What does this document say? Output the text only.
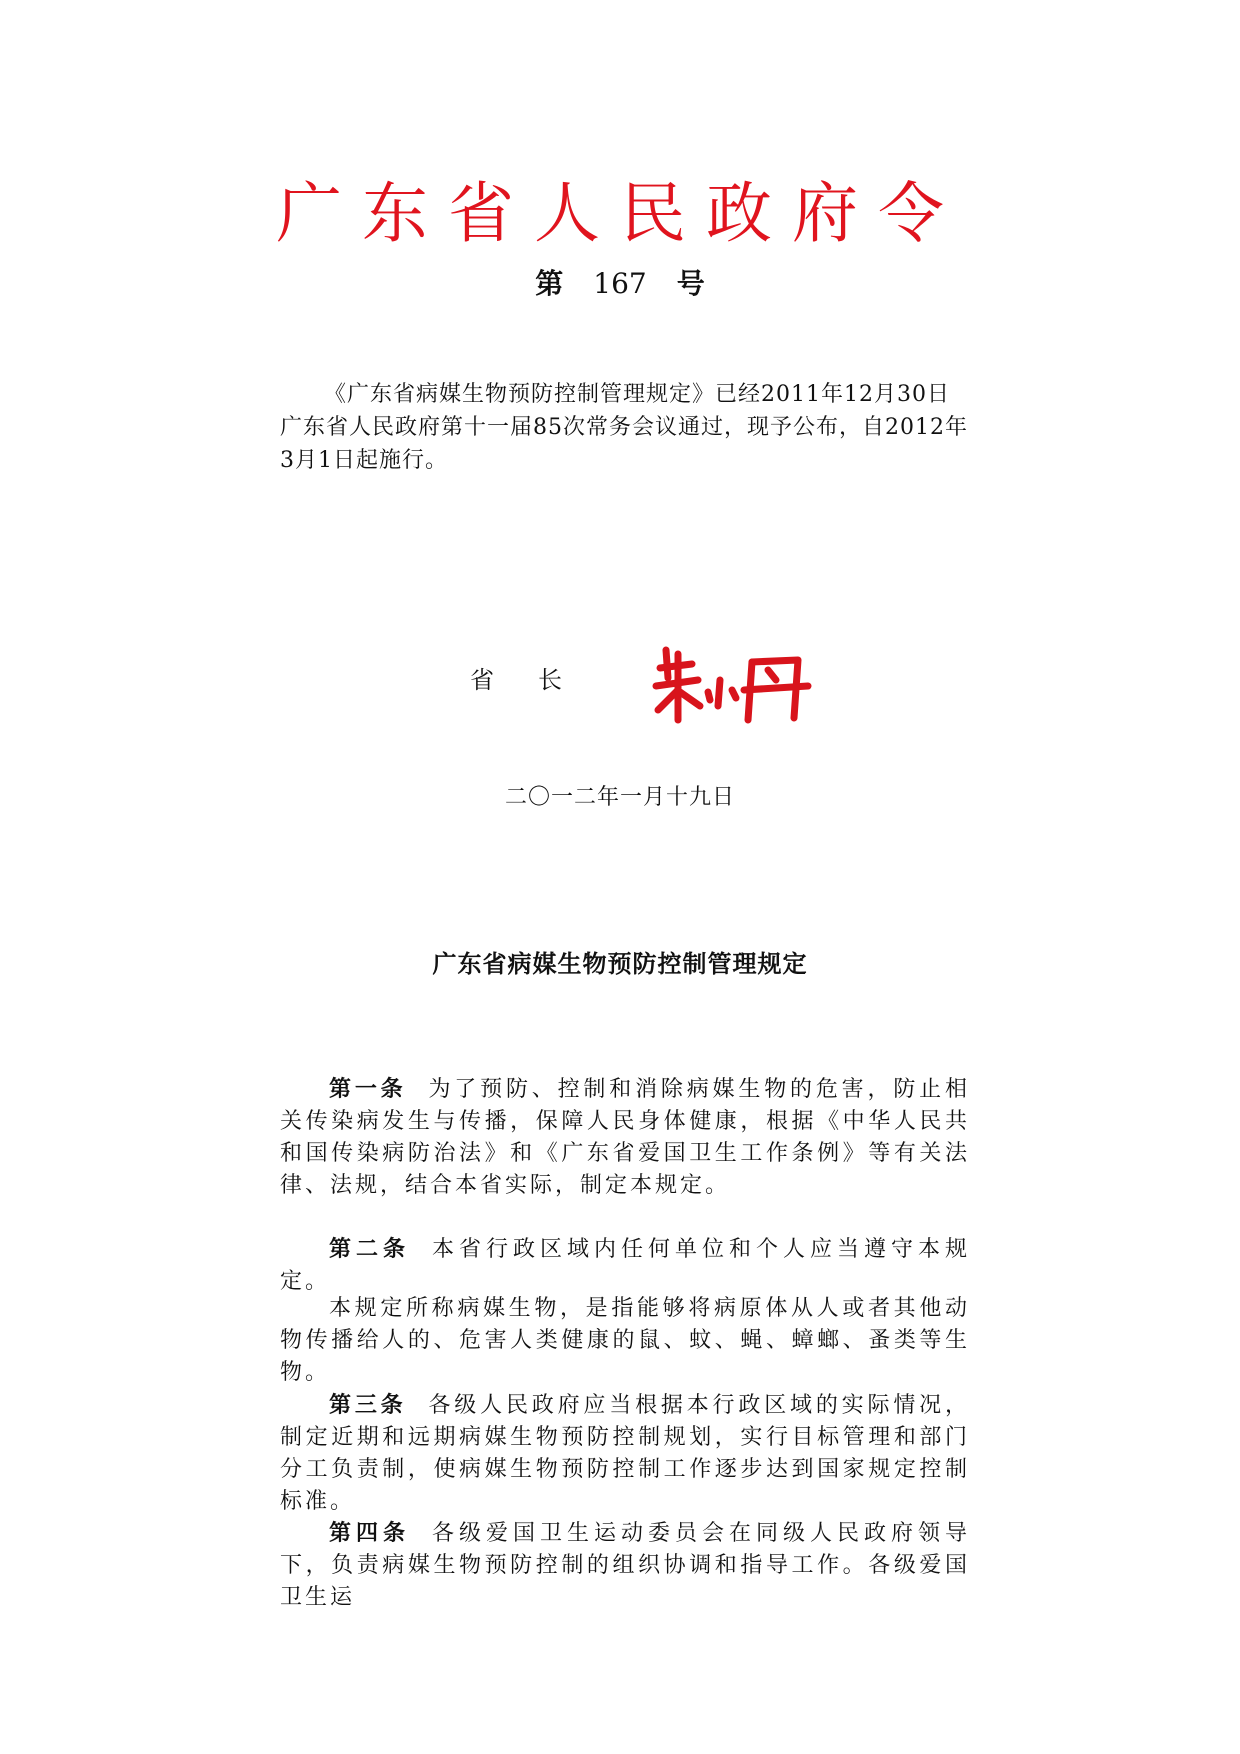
广东省人民政府令
第 167 号
《广东省病媒生物预防控制管理规定》已经2011年12月30日广东省人民政府第十一届85次常务会议通过，现予公布，自2012年3月1日起施行。
省长
二〇一二年一月十九日
广东省病媒生物预防控制管理规定
第一条 为了预防、控制和消除病媒生物的危害，防止相关传染病发生与传播，保障人民身体健康，根据《中华人民共和国传染病防治法》和《广东省爱国卫生工作条例》等有关法律、法规，结合本省实际，制定本规定。
第二条 本省行政区域内任何单位和个人应当遵守本规定。
本规定所称病媒生物，是指能够将病原体从人或者其他动物传播给人的、危害人类健康的鼠、蚊、蝇、蟑螂、蚤类等生物。
第三条 各级人民政府应当根据本行政区域的实际情况，制定近期和远期病媒生物预防控制规划，实行目标管理和部门分工负责制，使病媒生物预防控制工作逐步达到国家规定控制标准。
第四条 各级爱国卫生运动委员会在同级人民政府领导下，负责病媒生物预防控制的组织协调和指导工作。各级爱国卫生运
